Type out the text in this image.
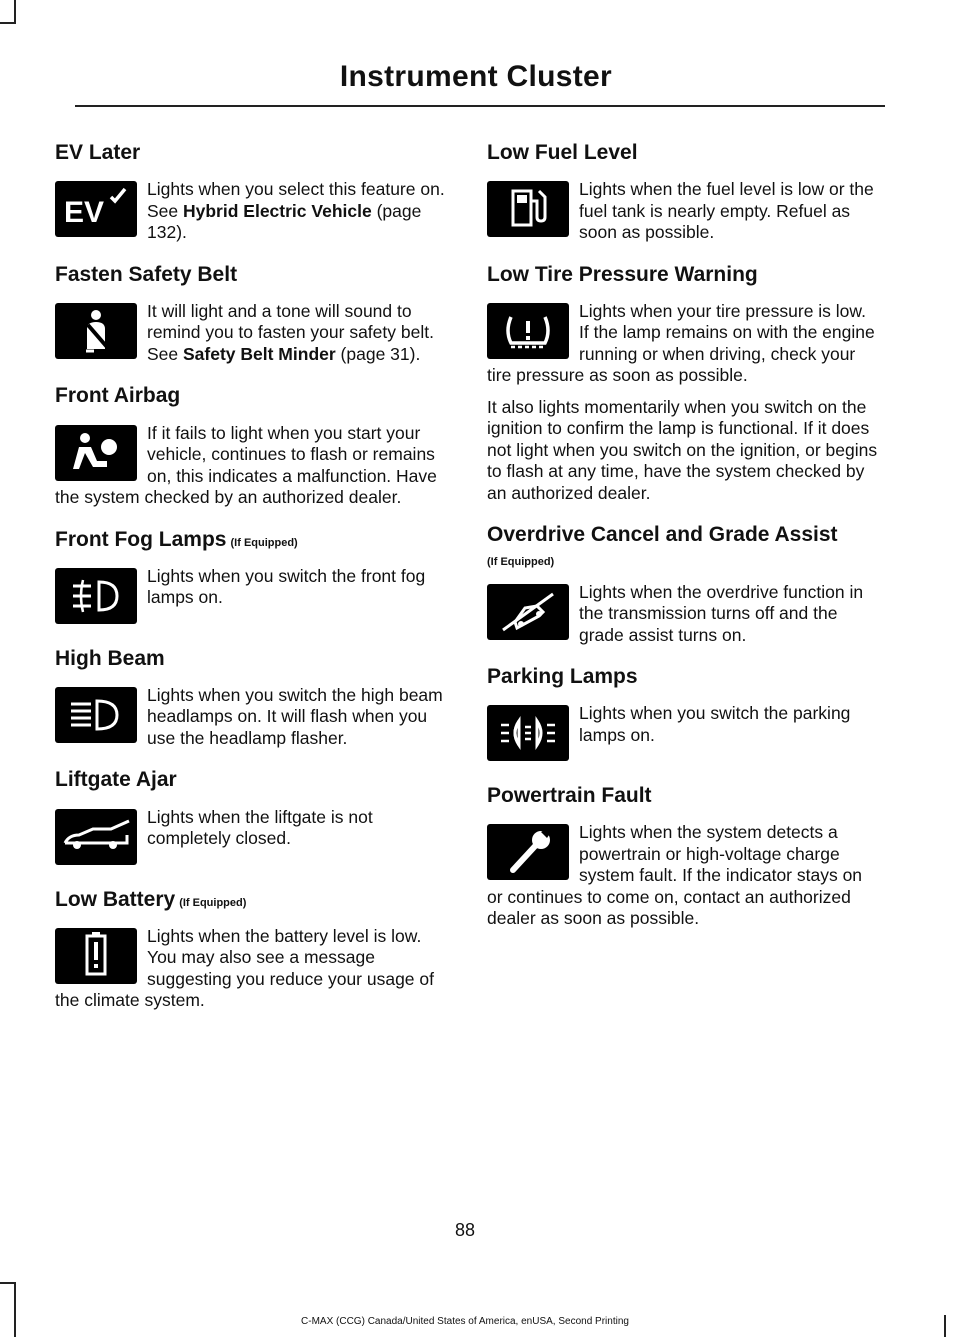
Instrument Cluster
EV Later
EV
Lights when you select this feature on. See Hybrid Electric Vehicle (page 132).
Fasten Safety Belt
It will light and a tone will sound to remind you to fasten your safety belt. See Safety Belt Minder (page 31).
Front Airbag
If it fails to light when you start your vehicle, continues to flash or remains on, this indicates a malfunction. Have the system checked by an authorized dealer.
Front Fog Lamps (If Equipped)
Lights when you switch the front fog lamps on.
High Beam
Lights when you switch the high beam headlamps on. It will flash when you use the headlamp flasher.
Liftgate Ajar
Lights when the liftgate is not completely closed.
Low Battery (If Equipped)
Lights when the battery level is low. You may also see a message suggesting you reduce your usage of the climate system.
Low Fuel Level
Lights when the fuel level is low or the fuel tank is nearly empty. Refuel as soon as possible.
Low Tire Pressure Warning
Lights when your tire pressure is low. If the lamp remains on with the engine running or when driving, check your tire pressure as soon as possible.
It also lights momentarily when you switch on the ignition to confirm the lamp is functional. If it does not light when you switch on the ignition, or begins to flash at any time, have the system checked by an authorized dealer.
Overdrive Cancel and Grade Assist
(If Equipped)
Lights when the overdrive function in the transmission turns off and the grade assist turns on.
Parking Lamps
Lights when you switch the parking lamps on.
Powertrain Fault
Lights when the system detects a powertrain or high-voltage charge system fault. If the indicator stays on or continues to come on, contact an authorized dealer as soon as possible.
88
C-MAX (CCG) Canada/United States of America, enUSA, Second Printing
